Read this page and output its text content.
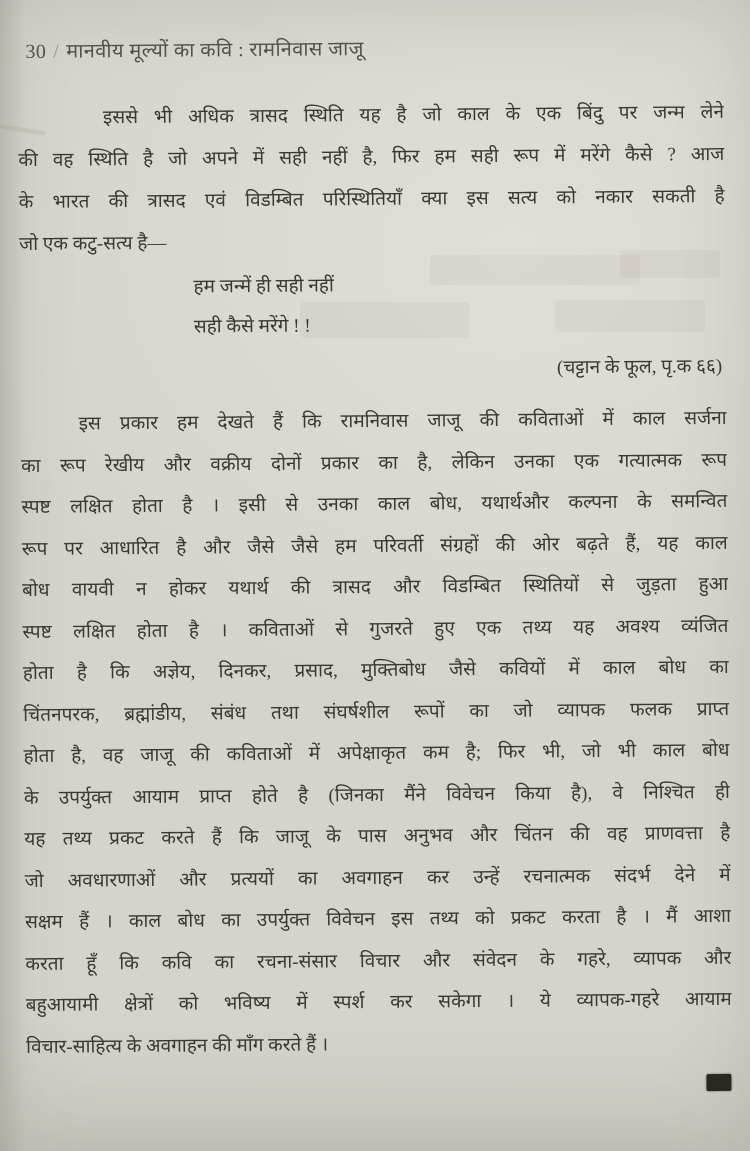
30 / मानवीय मूल्यों का कवि : रामनिवास जाजू
इससे भी अधिक त्रासद स्थिति यह है जो काल के एक बिंदु पर जन्म लेने
की वह स्थिति है जो अपने में सही नहीं है, फिर हम सही रूप में मरेंगे कैसे ? आज
के भारत की त्रासद एवं विडम्बित परिस्थितियाँ क्या इस सत्य को नकार सकती है
जो एक कटु-सत्य है—
हम जन्में ही सही नहीं
सही कैसे मरेंगे ! !
(चट्टान के फूल, पृ.क ६६)
इस प्रकार हम देखते हैं कि रामनिवास जाजू की कविताओं में काल सर्जना
का रूप रेखीय और वक्रीय दोनों प्रकार का है, लेकिन उनका एक गत्यात्मक रूप
स्पष्ट लक्षित होता है । इसी से उनका काल बोध, यथार्थऔर कल्पना के समन्वित
रूप पर आधारित है और जैसे जैसे हम परिवर्ती संग्रहों की ओर बढ़ते हैं, यह काल
बोध वायवी न होकर यथार्थ की त्रासद और विडम्बित स्थितियों से जुड़ता हुआ
स्पष्ट लक्षित होता है । कविताओं से गुजरते हुए एक तथ्य यह अवश्य व्यंजित
होता है कि अज्ञेय, दिनकर, प्रसाद, मुक्तिबोध जैसे कवियों में काल बोध का
चिंतनपरक, ब्रह्मांडीय, संबंध तथा संघर्षशील रूपों का जो व्यापक फलक प्राप्त
होता है, वह जाजू की कविताओं में अपेक्षाकृत कम है; फिर भी, जो भी काल बोध
के उपर्युक्त आयाम प्राप्त होते है (जिनका मैंने विवेचन किया है), वे निश्चित ही
यह तथ्य प्रकट करते हैं कि जाजू के पास अनुभव और चिंतन की वह प्राणवत्ता है
जो अवधारणाओं और प्रत्ययों का अवगाहन कर उन्हें रचनात्मक संदर्भ देने में
सक्षम हैं । काल बोध का उपर्युक्त विवेचन इस तथ्य को प्रकट करता है । मैं आशा
करता हूँ कि कवि का रचना-संसार विचार और संवेदन के गहरे, व्यापक और
बहुआयामी क्षेत्रों को भविष्य में स्पर्श कर सकेगा । ये व्यापक-गहरे आयाम
विचार-साहित्य के अवगाहन की माँग करते हैं ।
